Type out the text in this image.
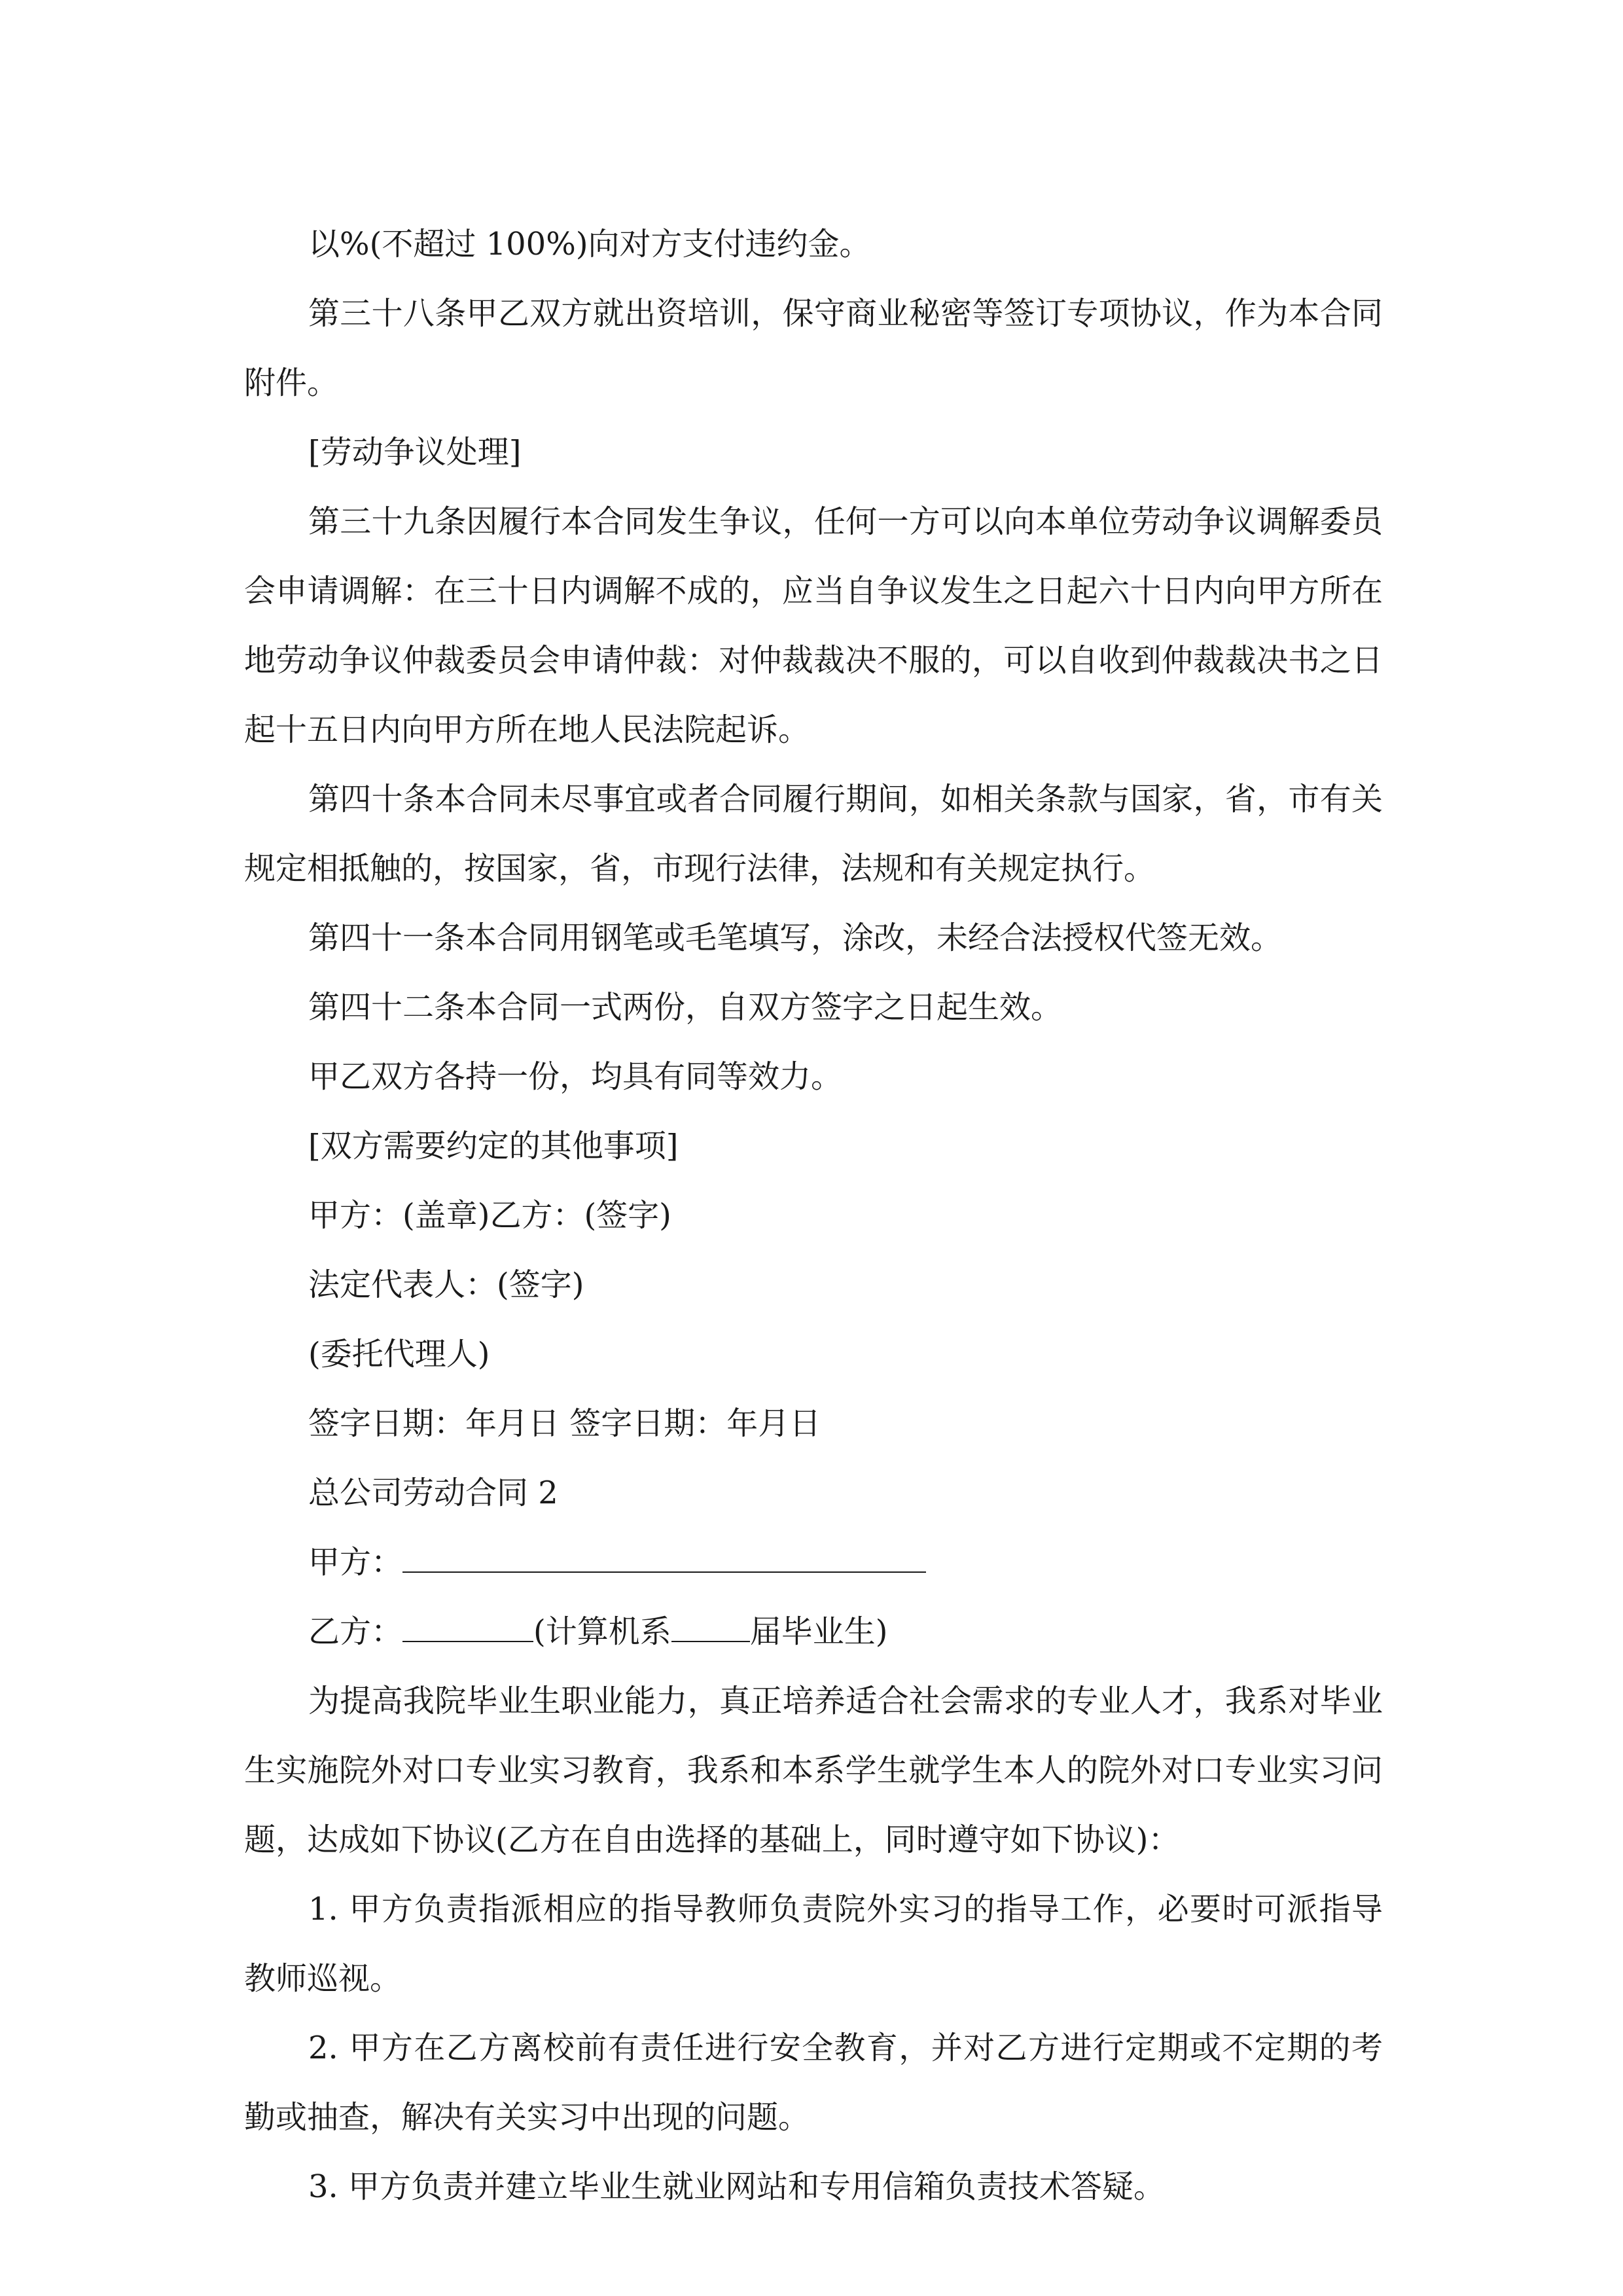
以%(不超过 100%)向对方支付违约金。

第三十八条甲乙双方就出资培训，保守商业秘密等签订专项协议，作为本合同附件。

[劳动争议处理]

第三十九条因履行本合同发生争议，任何一方可以向本单位劳动争议调解委员会申请调解：在三十日内调解不成的，应当自争议发生之日起六十日内向甲方所在地劳动争议仲裁委员会申请仲裁：对仲裁裁决不服的，可以自收到仲裁裁决书之日起十五日内向甲方所在地人民法院起诉。

第四十条本合同未尽事宜或者合同履行期间，如相关条款与国家，省，市有关规定相抵触的，按国家，省，市现行法律，法规和有关规定执行。

第四十一条本合同用钢笔或毛笔填写，涂改，未经合法授权代签无效。

第四十二条本合同一式两份，自双方签字之日起生效。

甲乙双方各持一份，均具有同等效力。

[双方需要约定的其他事项]

甲方：(盖章)乙方：(签字)

法定代表人：(签字)

(委托代理人)

签字日期：年月日 签字日期：年月日

总公司劳动合同 2

甲方：

乙方：	(计算机系	届毕业生)

为提高我院毕业生职业能力，真正培养适合社会需求的专业人才，我系对毕业生实施院外对口专业实习教育，我系和本系学生就学生本人的院外对口专业实习问题，达成如下协议(乙方在自由选择的基础上，同时遵守如下协议)：

1. 甲方负责指派相应的指导教师负责院外实习的指导工作，必要时可派指导教师巡视。

2. 甲方在乙方离校前有责任进行安全教育，并对乙方进行定期或不定期的考勤或抽查，解决有关实习中出现的问题。

3. 甲方负责并建立毕业生就业网站和专用信箱负责技术答疑。
